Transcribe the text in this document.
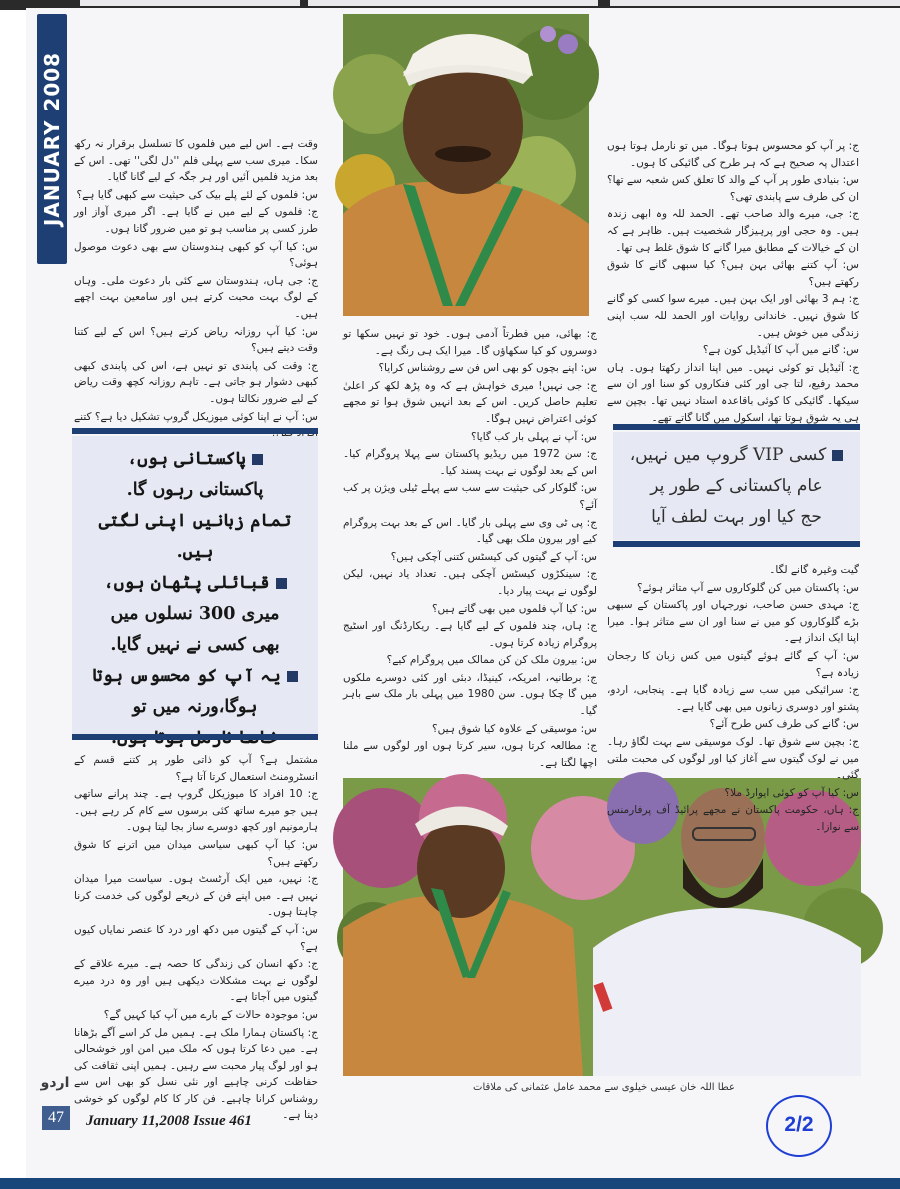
JANUARY 2008	ج: پر آپ کو محسوس ہوتا ہوگا۔ میں تو نارمل ہوتا ہوں اعتدال پہ صحیح ہے کہ ہر طرح کی گائیکی کا ہوں۔

س: بنیادی طور پر آپ کے والد کا تعلق کس شعبہ سے تھا؟ ان کی طرف سے پابندی تھی؟

ج: جی، میرے والد صاحب تھے۔ الحمد للہ وہ ابھی زندہ ہیں۔ وہ حجی اور پرہیزگار شخصیت ہیں۔ ظاہر ہے کہ ان کے خیالات کے مطابق میرا گانے کا شوق غلط ہی تھا۔

س: آپ کتنے بھائی بہن ہیں؟ کیا سبھی گانے کا شوق رکھتے ہیں؟

ج: ہم 3 بھائی اور ایک بہن ہیں۔ میرے سوا کسی کو گانے کا شوق نہیں۔ خاندانی روایات اور الحمد للہ سب اپنی زندگی میں خوش ہیں۔

س: گانے میں آپ کا آئیڈیل کون ہے؟

ج: آئیڈیل تو کوئی نہیں۔ میں اپنا انداز رکھتا ہوں۔ ہاں محمد رفیع، لتا جی اور کئی فنکاروں کو سنا اور ان سے سیکھا۔ گائیکی کا کوئی باقاعدہ استاد نہیں تھا۔ بچپن سے ہی یہ شوق ہوتا تھا، اسکول میں گانا گاتے تھے۔

کسی VIP گروپ میں نہیں،
عام پاکستانی کے طور پر
حج کیا اور بہت لطف آیا

گیت وغیرہ گانے لگا۔

س: پاکستان میں کن گلوکاروں سے آپ متاثر ہوئے؟

ج: مہدی حسن صاحب، نورجہاں اور پاکستان کے سبھی بڑے گلوکاروں کو میں نے سنا اور ان سے متاثر ہوا۔ میرا اپنا ایک انداز ہے۔

س: آپ کے گائے ہوئے گیتوں میں کس زبان کا رجحان زیادہ ہے؟

ج: سرائیکی میں سب سے زیادہ گایا ہے۔ پنجابی، اردو، پشتو اور دوسری زبانوں میں بھی گایا ہے۔

س: گانے کی طرف کس طرح آئے؟

ج: بچپن سے شوق تھا۔ لوک موسیقی سے بہت لگاؤ رہا۔ میں نے لوک گیتوں سے آغاز کیا اور لوگوں کی محبت ملتی گئی۔

س: کیا آپ کو کوئی ایوارڈ ملا؟

ج: ہاں، حکومت پاکستان نے مجھے پرائیڈ آف پرفارمنس سے نوازا۔

ج: بھائی، میں فطرتاً آدمی ہوں۔ خود تو نہیں سکھا تو دوسروں کو کیا سکھاؤں گا۔ میرا ایک ہی رنگ ہے۔

س: اپنے بچوں کو بھی اس فن سے روشناس کرایا؟

ج: جی نہیں! میری خواہش ہے کہ وہ پڑھ لکھ کر اعلیٰ تعلیم حاصل کریں۔ اس کے بعد انہیں شوق ہوا تو مجھے کوئی اعتراض نہیں ہوگا۔

س: آپ نے پہلی بار کب گایا؟

ج: سن 1972 میں ریڈیو پاکستان سے پہلا پروگرام کیا۔ اس کے بعد لوگوں نے بہت پسند کیا۔

س: گلوکار کی حیثیت سے سب سے پہلے ٹیلی ویژن پر کب آئے؟

ج: پی ٹی وی سے پہلی بار گایا۔ اس کے بعد بہت پروگرام کیے اور بیرون ملک بھی گیا۔

س: آپ کے گیتوں کی کیسٹس کتنی آچکی ہیں؟

ج: سینکڑوں کیسٹس آچکی ہیں۔ تعداد یاد نہیں، لیکن لوگوں نے بہت پیار دیا۔

س: کیا آپ فلموں میں بھی گاتے ہیں؟

ج: ہاں، چند فلموں کے لیے گایا ہے۔ ریکارڈنگ اور اسٹیج پروگرام زیادہ کرتا ہوں۔

س: بیرون ملک کن کن ممالک میں پروگرام کیے؟

ج: برطانیہ، امریکہ، کینیڈا، دبئی اور کئی دوسرے ملکوں میں گا چکا ہوں۔ سن 1980 میں پہلی بار ملک سے باہر گیا۔

س: موسیقی کے علاوہ کیا شوق ہیں؟

ج: مطالعہ کرتا ہوں، سیر کرتا ہوں اور لوگوں سے ملنا اچھا لگتا ہے۔

وقت ہے۔ اس لیے میں فلموں کا تسلسل برقرار نہ رکھ سکا۔ میری سب سے پہلی فلم ''دل لگی'' تھی۔ اس کے بعد مزید فلمیں آئیں اور ہر جگہ کے لیے گانا گایا۔

س: فلموں کے لئے پلے بیک کی حیثیت سے کبھی گایا ہے؟

ج: فلموں کے لیے میں نے گایا ہے۔ اگر میری آواز اور طرز کسی پر مناسب ہو تو میں ضرور گاتا ہوں۔

س: کیا آپ کو کبھی ہندوستان سے بھی دعوت موصول ہوئی؟

ج: جی ہاں، ہندوستان سے کئی بار دعوت ملی۔ وہاں کے لوگ بہت محبت کرتے ہیں اور سامعین بہت اچھے ہیں۔

س: کیا آپ روزانہ ریاض کرتے ہیں؟ اس کے لیے کتنا وقت دیتے ہیں؟

ج: وقت کی پابندی تو نہیں ہے، اس کی پابندی کبھی کبھی دشوار ہو جاتی ہے۔ تاہم روزانہ کچھ وقت ریاض کے لیے ضرور نکالتا ہوں۔

س: آپ نے اپنا کوئی میوزیکل گروپ تشکیل دیا ہے؟ کتنے

پاکستانی ہوں،
پاکستانی رہوں گا.
تمام زبانیں اپنی لگتی ہیں.
قبائلی پٹھان ہوں،
میری 300 نسلوں میں
بھی کسی نے نہیں گایا.
یہ آپ کو محسوس ہوتا
ہوگا،ورنہ میں تو

مشتمل ہے؟ آپ کو ذاتی طور پر کتنے قسم کے انسٹرومنٹ استعمال کرتا آتا ہے؟

ج: 10 افراد کا میوزیکل گروپ ہے۔ چند پرانے ساتھی ہیں جو میرے ساتھ کئی برسوں سے کام کر رہے ہیں۔ ہارمونیم اور کچھ دوسرے ساز بجا لیتا ہوں۔

س: کیا آپ کبھی سیاسی میدان میں اترنے کا شوق رکھتے ہیں؟

ج: نہیں، میں ایک آرٹسٹ ہوں۔ سیاست میرا میدان نہیں ہے۔ میں اپنے فن کے ذریعے لوگوں کی خدمت کرنا چاہتا ہوں۔

س: آپ کے گیتوں میں دکھ اور درد کا عنصر نمایاں کیوں ہے؟

ج: دکھ انسان کی زندگی کا حصہ ہے۔ میرے علاقے کے لوگوں نے بہت مشکلات دیکھی ہیں اور وہ درد میرے گیتوں میں آجاتا ہے۔

س: موجودہ حالات کے بارے میں آپ کیا کہیں گے؟

ج: پاکستان ہمارا ملک ہے۔ ہمیں مل کر اسے آگے بڑھانا ہے۔ میں دعا کرتا ہوں کہ ملک میں امن اور خوشحالی ہو اور لوگ پیار محبت سے رہیں۔ ہمیں اپنی ثقافت کی حفاظت کرنی چاہیے اور نئی نسل کو بھی اس سے روشناس کرانا چاہیے۔ فن کار کا کام لوگوں کو خوشی دینا ہے۔

عطا اللہ خان عیسی خیلوی سے محمد عامل عثمانی کی ملاقات
اردو
47	January 11,2008 Issue 461	2/2
